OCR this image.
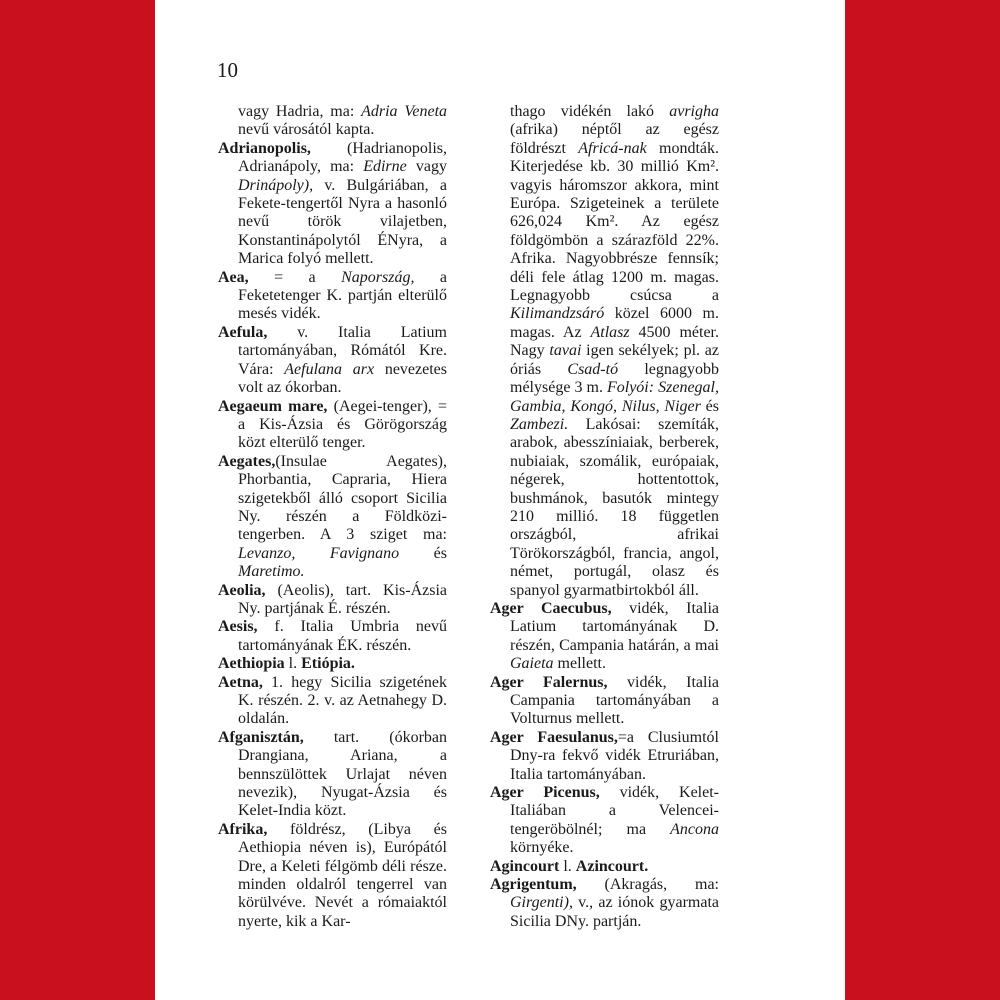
10

vagy Hadria, ma: Adria Veneta nevű városától kapta.

Adrianopolis, (Hadrianopolis, Adrianápoly, ma: Edirne vagy Drinápoly), v. Bulgáriában, a Fekete-tengertől Nyra a hasonló nevű török vilajetben, Konstantinápolytól ÉNyra, a Marica folyó mellett.

Aea, = a Napország, a Feketetenger K. partján elterülő mesés vidék.

Aefula, v. Italia Latium tartományában, Rómától Kre. Vára: Aefulana arx nevezetes volt az ókorban.

Aegaeum mare, (Aegei-tenger), = a Kis-Ázsia és Görögország közt elterülő tenger.

Aegates,(Insulae Aegates), Phorbantia, Capraria, Hiera szigetekből álló csoport Sicilia Ny. részén a Földközi-tengerben. A 3 sziget ma: Levanzo, Favignano és Maretimo.

Aeolia, (Aeolis), tart. Kis-Ázsia Ny. partjának É. részén.

Aesis, f. Italia Umbria nevű tartományának ÉK. részén.

Aethiopia l. Etiópia.

Aetna, 1. hegy Sicilia szigetének K. részén. 2. v. az Aetnahegy D. oldalán.

Afganisztán, tart. (ókorban Drangiana, Ariana, a bennszülöttek Urlajat néven nevezik), Nyugat-Ázsia és Kelet-India közt.

Afrika, földrész, (Libya és Aethiopia néven is), Európától Dre, a Keleti félgömb déli része. minden oldalról tengerrel van körülvéve. Nevét a rómaiaktól nyerte, kik a Kar-

thago vidékén lakó avrigha (afrika) néptől az egész földrészt Africá-nak mondták. Kiterjedése kb. 30 millió Km². vagyis háromszor akkora, mint Európa. Szigeteinek a területe 626,024 Km². Az egész földgömbön a szárazföld 22%. Afrika. Nagyobbrésze fennsík; déli fele átlag 1200 m. magas. Legnagyobb csúcsa a Kilimandzsáró közel 6000 m. magas. Az Atlasz 4500 méter. Nagy tavai igen sekélyek; pl. az óriás Csad-tó legnagyobb mélysége 3 m. Folyói: Szenegal, Gambia, Kongó, Nilus, Niger és Zambezi. Lakósai: szemíták, arabok, abesszíniaiak, berberek, nubiaiak, szomálik, európaiak, négerek, hottentottok, bushmánok, basutók mintegy 210 millió. 18 független országból, afrikai Törökországból, francia, angol, német, portugál, olasz és spanyol gyarmatbirtokból áll.

Ager Caecubus, vidék, Italia Latium tartományának D. részén, Campania határán, a mai Gaieta mellett.

Ager Falernus, vidék, Italia Campania tartományában a Volturnus mellett.

Ager Faesulanus,=a Clusiumtól Dny-ra fekvő vidék Etruriában, Italia tartományában.

Ager Picenus, vidék, Kelet-Italiában a Velencei-tengeröbölnél; ma Ancona környéke.

Agincourt l. Azincourt.

Agrigentum, (Akragás, ma: Girgenti), v., az iónok gyarmata Sicilia DNy. partján.
